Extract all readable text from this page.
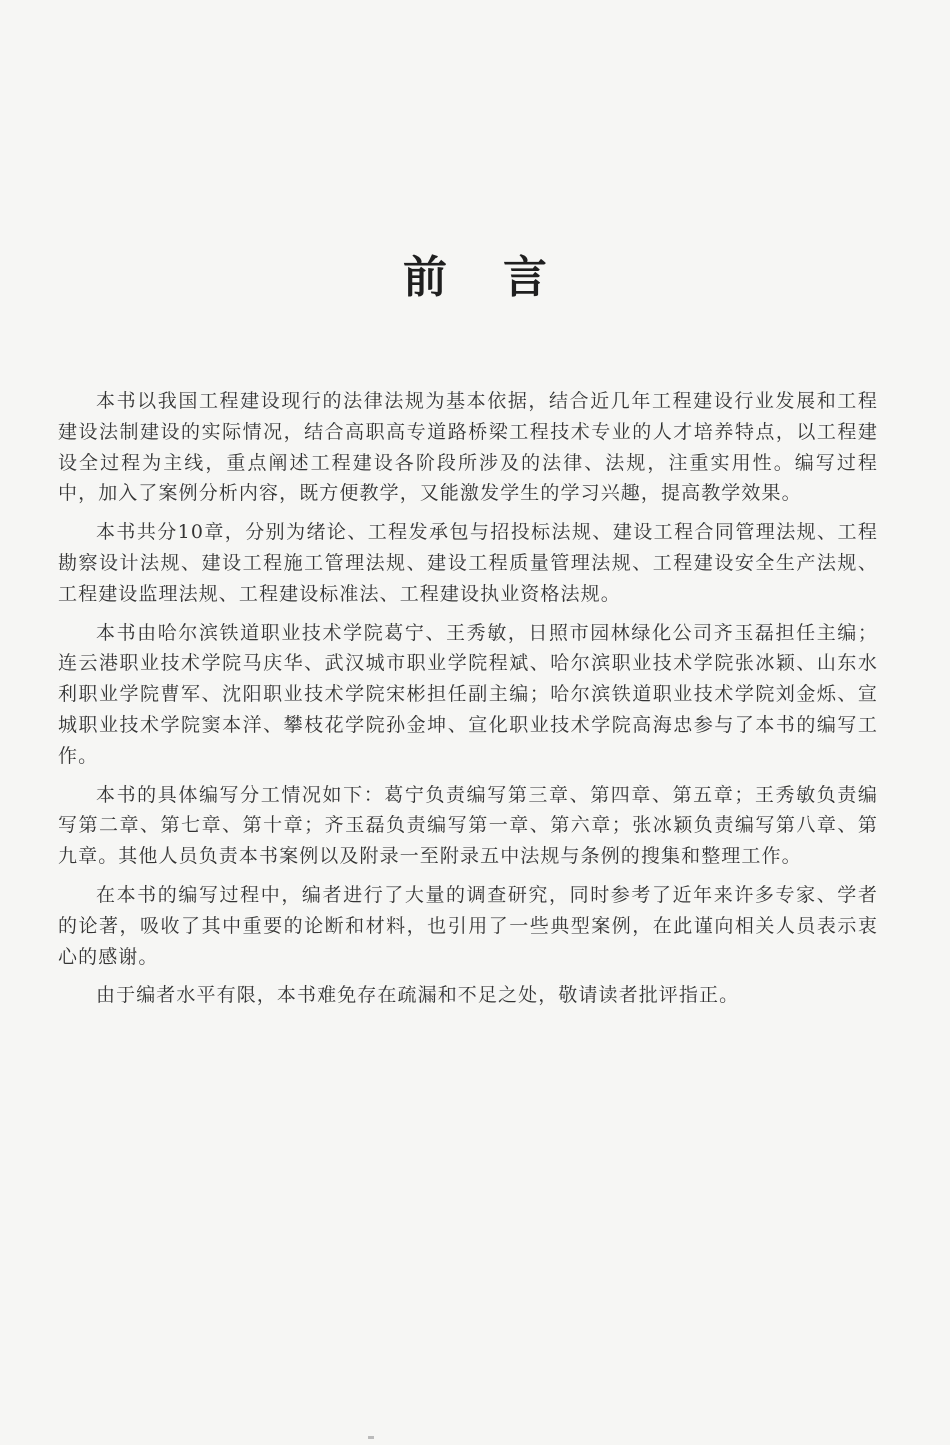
前言

本书以我国工程建设现行的法律法规为基本依据，结合近几年工程建设行业发展和工程建设法制建设的实际情况，结合高职高专道路桥梁工程技术专业的人才培养特点，以工程建设全过程为主线，重点阐述工程建设各阶段所涉及的法律、法规，注重实用性。编写过程中，加入了案例分析内容，既方便教学，又能激发学生的学习兴趣，提高教学效果。

本书共分10章，分别为绪论、工程发承包与招投标法规、建设工程合同管理法规、工程勘察设计法规、建设工程施工管理法规、建设工程质量管理法规、工程建设安全生产法规、工程建设监理法规、工程建设标准法、工程建设执业资格法规。

本书由哈尔滨铁道职业技术学院葛宁、王秀敏，日照市园林绿化公司齐玉磊担任主编；连云港职业技术学院马庆华、武汉城市职业学院程斌、哈尔滨职业技术学院张冰颖、山东水利职业学院曹军、沈阳职业技术学院宋彬担任副主编；哈尔滨铁道职业技术学院刘金烁、宣城职业技术学院窦本洋、攀枝花学院孙金坤、宣化职业技术学院高海忠参与了本书的编写工作。

本书的具体编写分工情况如下：葛宁负责编写第三章、第四章、第五章；王秀敏负责编写第二章、第七章、第十章；齐玉磊负责编写第一章、第六章；张冰颖负责编写第八章、第九章。其他人员负责本书案例以及附录一至附录五中法规与条例的搜集和整理工作。

在本书的编写过程中，编者进行了大量的调查研究，同时参考了近年来许多专家、学者的论著，吸收了其中重要的论断和材料，也引用了一些典型案例，在此谨向相关人员表示衷心的感谢。

由于编者水平有限，本书难免存在疏漏和不足之处，敬请读者批评指正。
